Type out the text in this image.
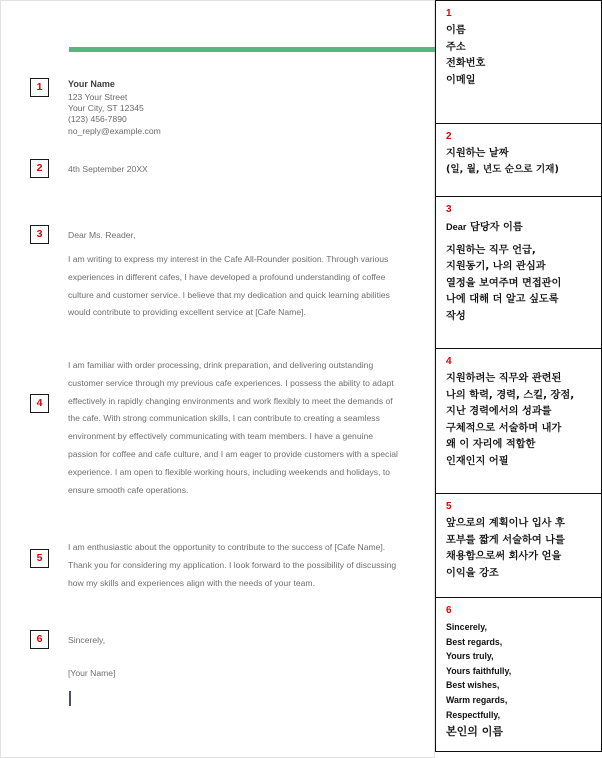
1
2
3
4
5
6
Your Name
123 Your Street
Your City, ST 12345
(123) 456-7890
no_reply@example.com
4th September 20XX
Dear Ms. Reader,
I am writing to express my interest in the Cafe All-Rounder position. Through various experiences in different cafes, I have developed a profound understanding of coffee culture and customer service. I believe that my dedication and quick learning abilities would contribute to providing excellent service at [Cafe Name].
I am familiar with order processing, drink preparation, and delivering outstanding customer service through my previous cafe experiences. I possess the ability to adapt effectively in rapidly changing environments and work flexibly to meet the demands of the cafe. With strong communication skills, I can contribute to creating a seamless environment by effectively communicating with team members. I have a genuine passion for coffee and cafe culture, and I am eager to provide customers with a special experience. I am open to flexible working hours, including weekends and holidays, to ensure smooth cafe operations.
I am enthusiastic about the opportunity to contribute to the success of [Cafe Name]. Thank you for considering my application. I look forward to the possibility of discussing how my skills and experiences align with the needs of your team.
Sincerely,
[Your Name]
1
이름
주소
전화번호
이메일
2
지원하는 날짜
(일, 월, 년도 순으로 기재)
3
Dear 담당자 이름
지원하는 직무 언급,
지원동기, 나의 관심과
열정을 보여주며 면접관이
나에 대해 더 알고 싶도록
작성
4
지원하려는 직무와 관련된
나의 학력, 경력, 스킬, 장점,
지난 경력에서의 성과를
구체적으로 서술하며 내가
왜 이 자리에 적합한
인재인지 어필
5
앞으로의 계획이나 입사 후
포부를 짧게 서술하여 나를
채용함으로써 회사가 얻을
이익을 강조
6
Sincerely,
Best regards,
Yours truly,
Yours faithfully,
Best wishes,
Warm regards,
Respectfully,
본인의 이름
